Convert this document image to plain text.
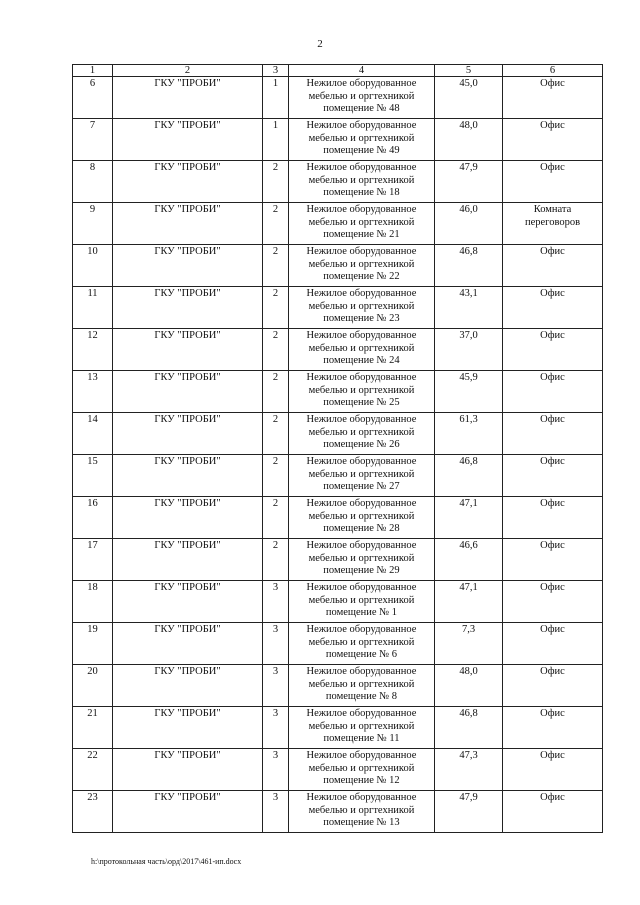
2
1	2	3	4	5	6
6	ГКУ "ПРОБИ"	1	Нежилое оборудованное мебелью и оргтехникой помещение № 48	45,0	Офис
7	ГКУ "ПРОБИ"	1	Нежилое оборудованное мебелью и оргтехникой помещение № 49	48,0	Офис
8	ГКУ "ПРОБИ"	2	Нежилое оборудованное мебелью и оргтехникой помещение № 18	47,9	Офис
9	ГКУ "ПРОБИ"	2	Нежилое оборудованное мебелью и оргтехникой помещение № 21	46,0	Комната переговоров
10	ГКУ "ПРОБИ"	2	Нежилое оборудованное мебелью и оргтехникой помещение № 22	46,8	Офис
11	ГКУ "ПРОБИ"	2	Нежилое оборудованное мебелью и оргтехникой помещение № 23	43,1	Офис
12	ГКУ "ПРОБИ"	2	Нежилое оборудованное мебелью и оргтехникой помещение № 24	37,0	Офис
13	ГКУ "ПРОБИ"	2	Нежилое оборудованное мебелью и оргтехникой помещение № 25	45,9	Офис
14	ГКУ "ПРОБИ"	2	Нежилое оборудованное мебелью и оргтехникой помещение № 26	61,3	Офис
15	ГКУ "ПРОБИ"	2	Нежилое оборудованное мебелью и оргтехникой помещение № 27	46,8	Офис
16	ГКУ "ПРОБИ"	2	Нежилое оборудованное мебелью и оргтехникой помещение № 28	47,1	Офис
17	ГКУ "ПРОБИ"	2	Нежилое оборудованное мебелью и оргтехникой помещение № 29	46,6	Офис
18	ГКУ "ПРОБИ"	3	Нежилое оборудованное мебелью и оргтехникой помещение № 1	47,1	Офис
19	ГКУ "ПРОБИ"	3	Нежилое оборудованное мебелью и оргтехникой помещение № 6	7,3	Офис
20	ГКУ "ПРОБИ"	3	Нежилое оборудованное мебелью и оргтехникой помещение № 8	48,0	Офис
21	ГКУ "ПРОБИ"	3	Нежилое оборудованное мебелью и оргтехникой помещение № 11	46,8	Офис
22	ГКУ "ПРОБИ"	3	Нежилое оборудованное мебелью и оргтехникой помещение № 12	47,3	Офис
23	ГКУ "ПРОБИ"	3	Нежилое оборудованное мебелью и оргтехникой помещение № 13	47,9	Офис
h:\протокольная часть\орд\2017\461-ип.docx
